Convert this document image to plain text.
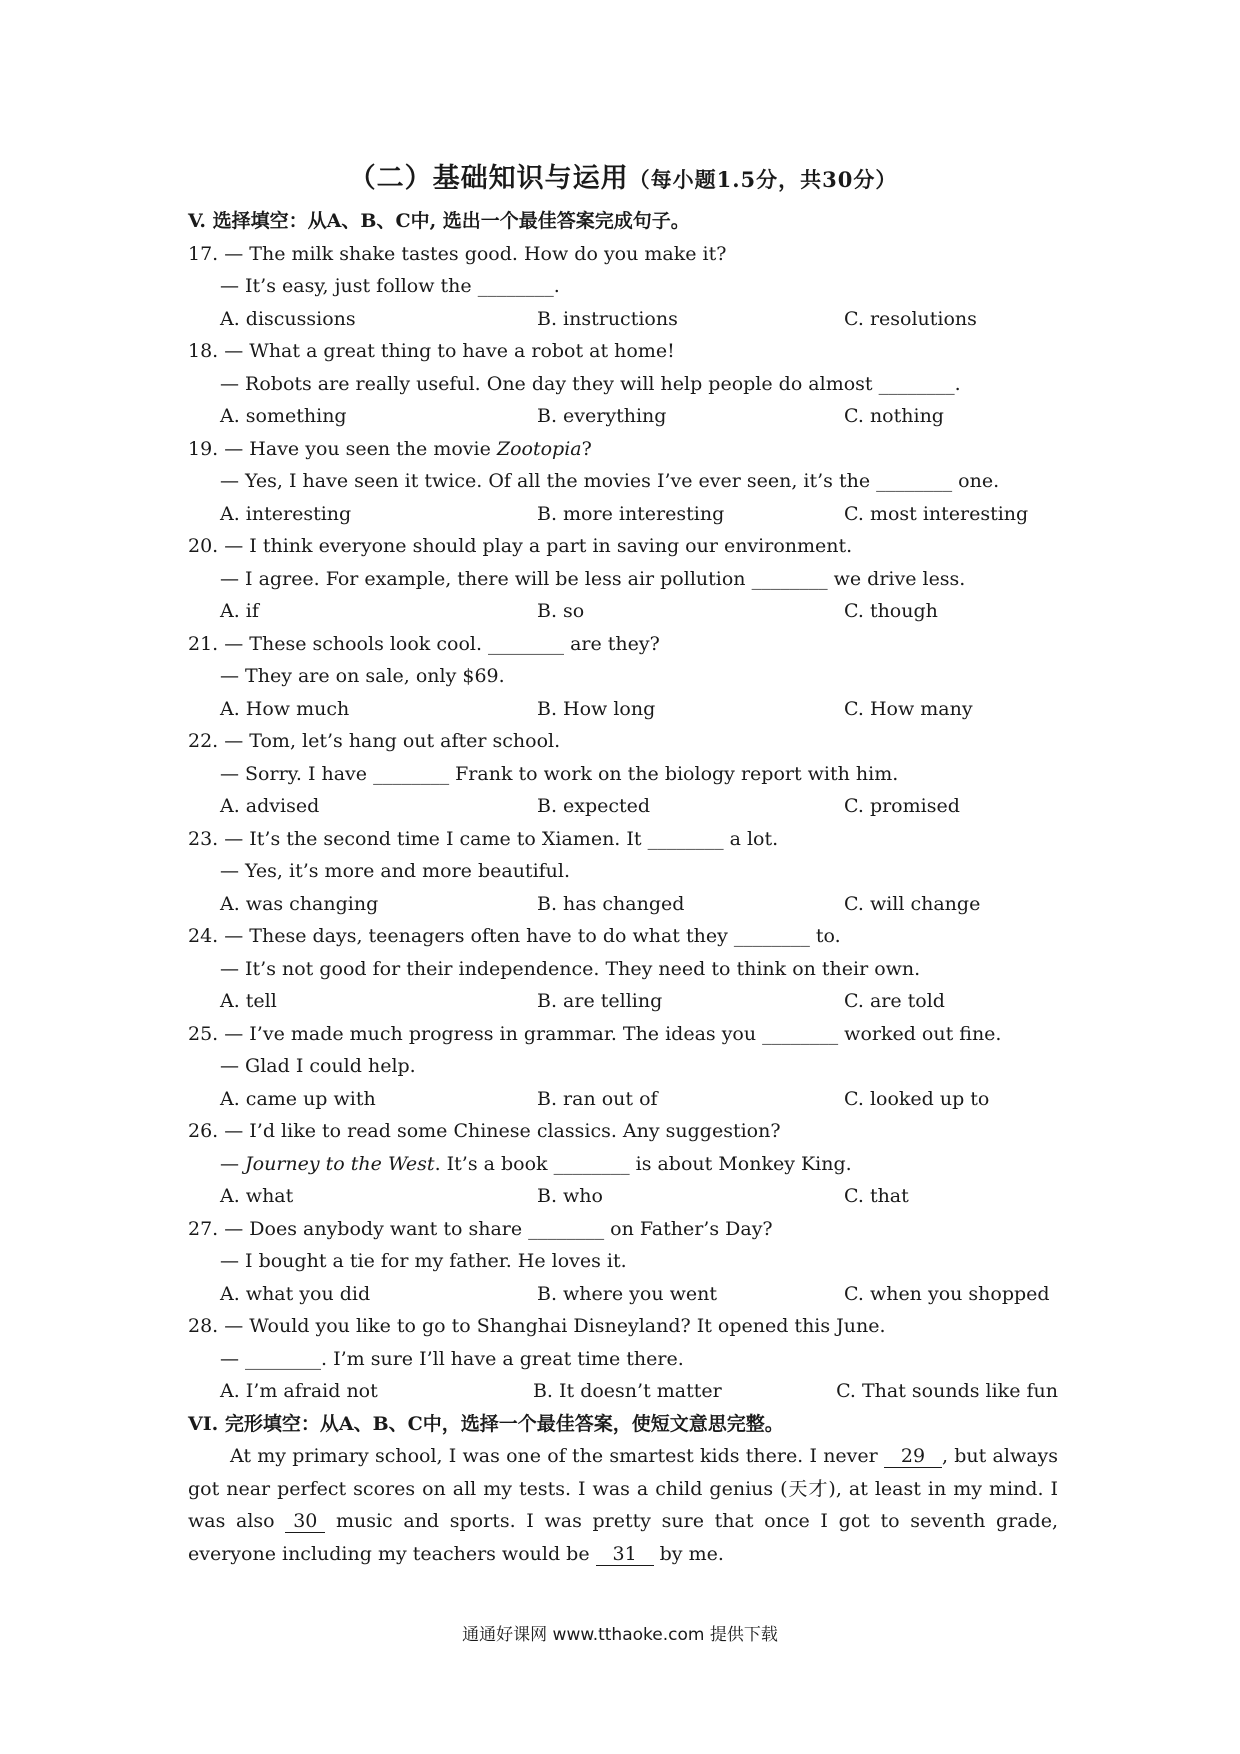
（二）基础知识与运用（每小题1.5分，共30分）
V. 选择填空：从A、B、C中, 选出一个最佳答案完成句子。
17. — The milk shake tastes good. How do you make it?
— It’s easy, just follow the ________.
A. discussions	B. instructions	C. resolutions
18. — What a great thing to have a robot at home!
— Robots are really useful. One day they will help people do almost ________.
A. something	B. everything	C. nothing
19. — Have you seen the movie Zootopia?
— Yes, I have seen it twice. Of all the movies I’ve ever seen, it’s the ________ one.
A. interesting	B. more interesting	C. most interesting
20. — I think everyone should play a part in saving our environment.
— I agree. For example, there will be less air pollution ________ we drive less.
A. if	B. so	C. though
21. — These schools look cool. ________ are they?
— They are on sale, only $69.
A. How much	B. How long	C. How many
22. — Tom, let’s hang out after school.
— Sorry. I have ________ Frank to work on the biology report with him.
A. advised	B. expected	C. promised
23. — It’s the second time I came to Xiamen. It ________ a lot.
— Yes, it’s more and more beautiful.
A. was changing	B. has changed	C. will change
24. — These days, teenagers often have to do what they ________ to.
— It’s not good for their independence. They need to think on their own.
A. tell	B. are telling	C. are told
25. — I’ve made much progress in grammar. The ideas you ________ worked out fine.
— Glad I could help.
A. came up with	B. ran out of	C. looked up to
26. — I’d like to read some Chinese classics. Any suggestion?
— Journey to the West. It’s a book ________ is about Monkey King.
A. what	B. who	C. that
27. — Does anybody want to share ________ on Father’s Day?
— I bought a tie for my father. He loves it.
A. what you did	B. where you went	C. when you shopped
28. — Would you like to go to Shanghai Disneyland? It opened this June.
— ________. I’m sure I’ll have a great time there.
A. I’m afraid not	B. It doesn’t matter	C. That sounds like fun
VI. 完形填空：从A、B、C中，选择一个最佳答案，使短文意思完整。
At my primary school, I was one of the smartest kids there. I never 29 , but always got near perfect scores on all my tests. I was a child genius (天才), at least in my mind. I was also 30 music and sports. I was pretty sure that once I got to seventh grade, everyone including my teachers would be 31 by me.
通通好课网 www.tthaoke.com 提供下载
